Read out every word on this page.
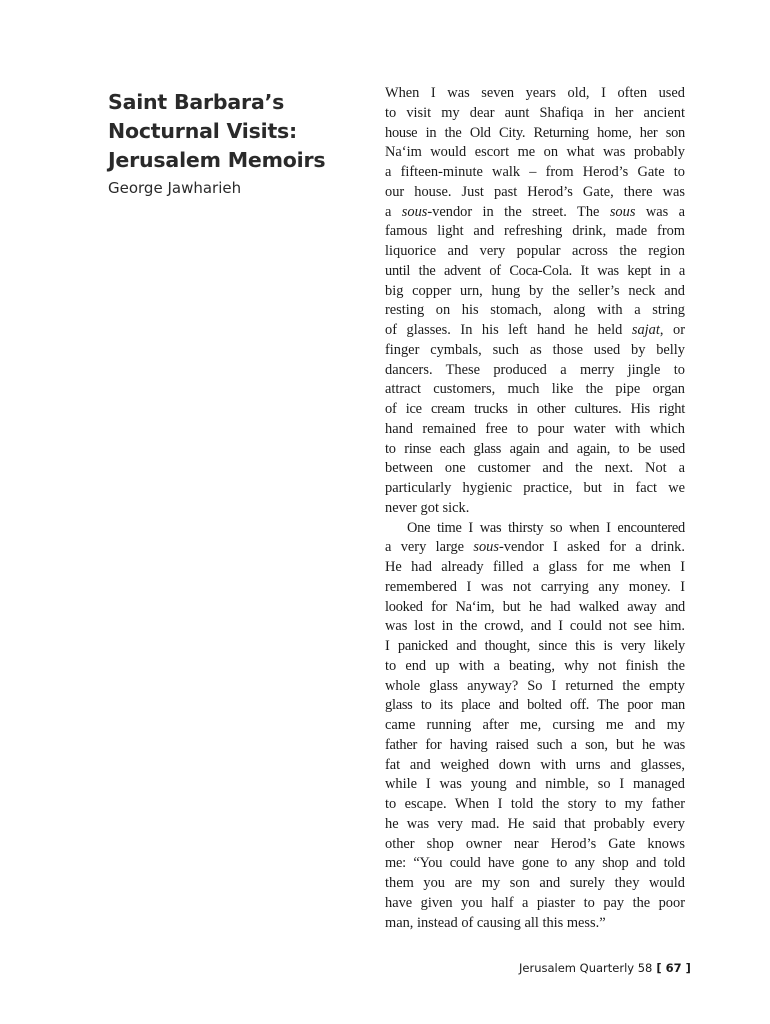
Saint Barbara’s
Nocturnal Visits:
Jerusalem Memoirs
George Jawharieh
When I was seven years old, I often used
to visit my dear aunt Shafiqa in her ancient
house in the Old City. Returning home, her son
Na‘im would escort me on what was probably
a fifteen-minute walk – from Herod’s Gate to
our house. Just past Herod’s Gate, there was
a sous-vendor in the street. The sous was a
famous light and refreshing drink, made from
liquorice and very popular across the region
until the advent of Coca-Cola. It was kept in a
big copper urn, hung by the seller’s neck and
resting on his stomach, along with a string
of glasses. In his left hand he held sajat, or
finger cymbals, such as those used by belly
dancers. These produced a merry jingle to
attract customers, much like the pipe organ
of ice cream trucks in other cultures. His right
hand remained free to pour water with which
to rinse each glass again and again, to be used
between one customer and the next. Not a
particularly hygienic practice, but in fact we
never got sick.
One time I was thirsty so when I encountered
a very large sous-vendor I asked for a drink.
He had already filled a glass for me when I
remembered I was not carrying any money. I
looked for Na‘im, but he had walked away and
was lost in the crowd, and I could not see him.
I panicked and thought, since this is very likely
to end up with a beating, why not finish the
whole glass anyway? So I returned the empty
glass to its place and bolted off. The poor man
came running after me, cursing me and my
father for having raised such a son, but he was
fat and weighed down with urns and glasses,
while I was young and nimble, so I managed
to escape. When I told the story to my father
he was very mad. He said that probably every
other shop owner near Herod’s Gate knows
me: “You could have gone to any shop and told
them you are my son and surely they would
have given you half a piaster to pay the poor
man, instead of causing all this mess.”
Jerusalem Quarterly 58 [ 67 ]
